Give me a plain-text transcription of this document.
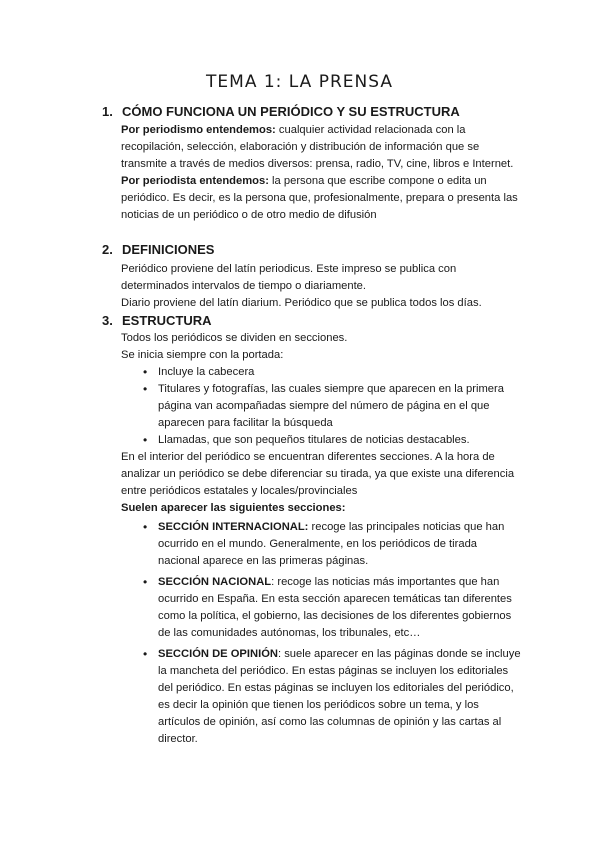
TEMA 1: LA PRENSA
1. CÓMO FUNCIONA UN PERIÓDICO Y SU ESTRUCTURA

Por periodismo entendemos: cualquier actividad relacionada con la recopilación, selección, elaboración y distribución de información que se transmite a través de medios diversos: prensa, radio, TV, cine, libros e Internet.

Por periodista entendemos: la persona que escribe compone o edita un periódico. Es decir, es la persona que, profesionalmente, prepara o presenta las noticias de un periódico o de otro medio de difusión

2. DEFINICIONES

Periódico proviene del latín periodicus. Este impreso se publica con determinados intervalos de tiempo o diariamente.

Diario proviene del latín diarium. Periódico que se publica todos los días.

3. ESTRUCTURA

Todos los periódicos se dividen en secciones.

Se inicia siempre con la portada:

• Incluye la cabecera
• Titulares y fotografías, las cuales siempre que aparecen en la primera página van acompañadas siempre del número de página en el que aparecen para facilitar la búsqueda
• Llamadas, que son pequeños titulares de noticias destacables.

En el interior del periódico se encuentran diferentes secciones. A la hora de analizar un periódico se debe diferenciar su tirada, ya que existe una diferencia entre periódicos estatales y locales/provinciales

Suelen aparecer las siguientes secciones:

• SECCIÓN INTERNACIONAL: recoge las principales noticias que han ocurrido en el mundo. Generalmente, en los periódicos de tirada nacional aparece en las primeras páginas.
• SECCIÓN NACIONAL: recoge las noticias más importantes que han ocurrido en España. En esta sección aparecen temáticas tan diferentes como la política, el gobierno, las decisiones de los diferentes gobiernos de las comunidades autónomas, los tribunales, etc…
• SECCIÓN DE OPINIÓN: suele aparecer en las páginas donde se incluye la mancheta del periódico. En estas páginas se incluyen los editoriales del periódico. En estas páginas se incluyen los editoriales del periódico, es decir la opinión que tienen los periódicos sobre un tema, y los artículos de opinión, así como las columnas de opinión y las cartas al director.
